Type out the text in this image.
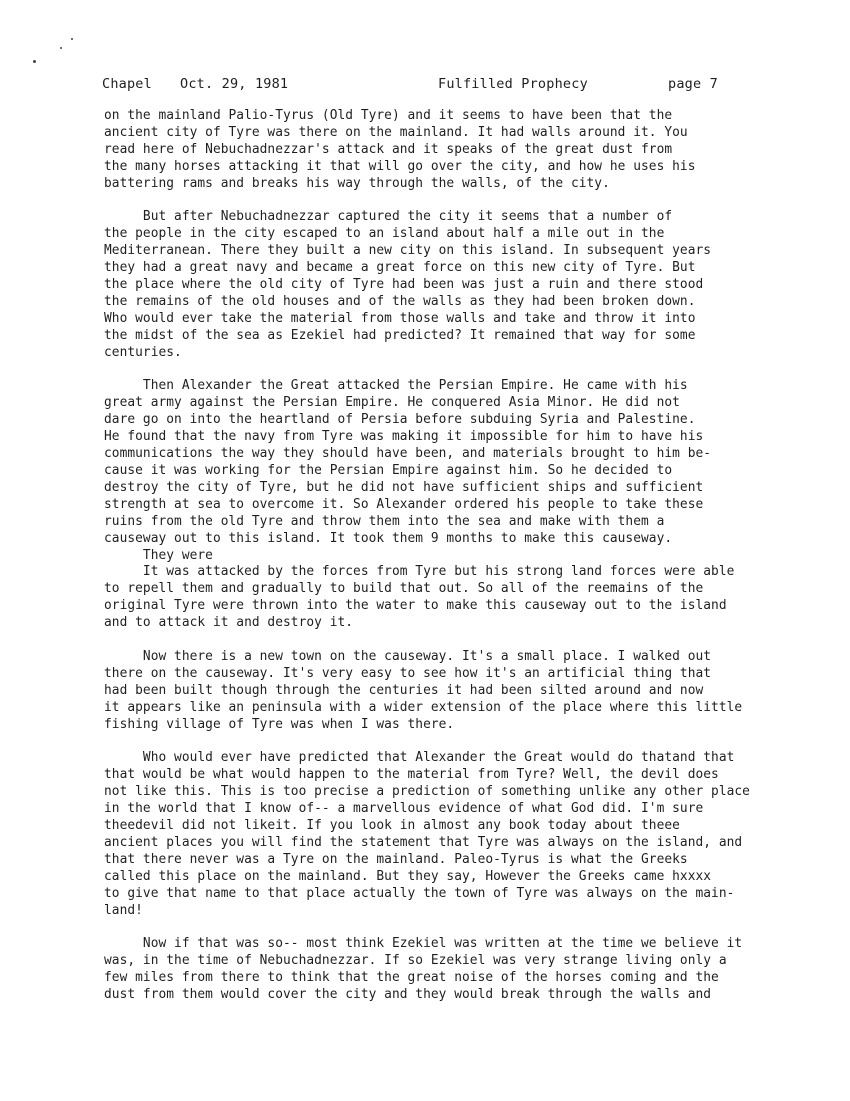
Chapel Oct. 29, 1981	Fulfilled Prophecy	page 7
on the mainland Palio-Tyrus (Old Tyre) and it seems to have been that the
ancient city of Tyre was there on the mainland. It had walls around it. You
read here of Nebuchadnezzar's attack and it speaks of the great dust from
the many horses attacking it that will go over the city, and how he uses his
battering rams and breaks his way through the walls, of the city.
But after Nebuchadnezzar captured the city it seems that a number of
the people in the city escaped to an island about half a mile out in the
Mediterranean. There they built a new city on this island. In subsequent years
they had a great navy and became a great force on this new city of Tyre. But
the place where the old city of Tyre had been was just a ruin and there stood
the remains of the old houses and of the walls as they had been broken down.
Who would ever take the material from those walls and take and throw it into
the midst of the sea as Ezekiel had predicted? It remained that way for some
centuries.
Then Alexander the Great attacked the Persian Empire. He came with his
great army against the Persian Empire. He conquered Asia Minor. He did not
dare go on into the heartland of Persia before subduing Syria and Palestine.
He found that the navy from Tyre was making it impossible for him to have his
communications the way they should have been, and materials brought to him be-
cause it was working for the Persian Empire against him. So he decided to
destroy the city of Tyre, but he did not have sufficient ships and sufficient
strength at sea to overcome it. So Alexander ordered his people to take these
ruins from the old Tyre and throw them into the sea and make with them a
causeway out to this island. It took them 9 months to make this causeway.
They were
It was attacked by the forces from Tyre but his strong land forces were able
to repell them and gradually to build that out. So all of the reemains of the
original Tyre were thrown into the water to make this causeway out to the island
and to attack it and destroy it.
Now there is a new town on the causeway. It's a small place. I walked out
there on the causeway. It's very easy to see how it's an artificial thing that
had been built though through the centuries it had been silted around and now
it appears like an peninsula with a wider extension of the place where this little
fishing village of Tyre was when I was there.
Who would ever have predicted that Alexander the Great would do thatand that
that would be what would happen to the material from Tyre? Well, the devil does
not like this. This is too precise a prediction of something unlike any other place
in the world that I know of-- a marvellous evidence of what God did. I'm sure
theedevil did not likeit. If you look in almost any book today about theee
ancient places you will find the statement that Tyre was always on the island, and
that there never was a Tyre on the mainland. Paleo-Tyrus is what the Greeks
called this place on the mainland. But they say, However the Greeks came hxxxx
to give that name to that place actually the town of Tyre was always on the main-
land!
Now if that was so-- most think Ezekiel was written at the time we believe it
was, in the time of Nebuchadnezzar. If so Ezekiel was very strange living only a
few miles from there to think that the great noise of the horses coming and the
dust from them would cover the city and they would break through the walls and
